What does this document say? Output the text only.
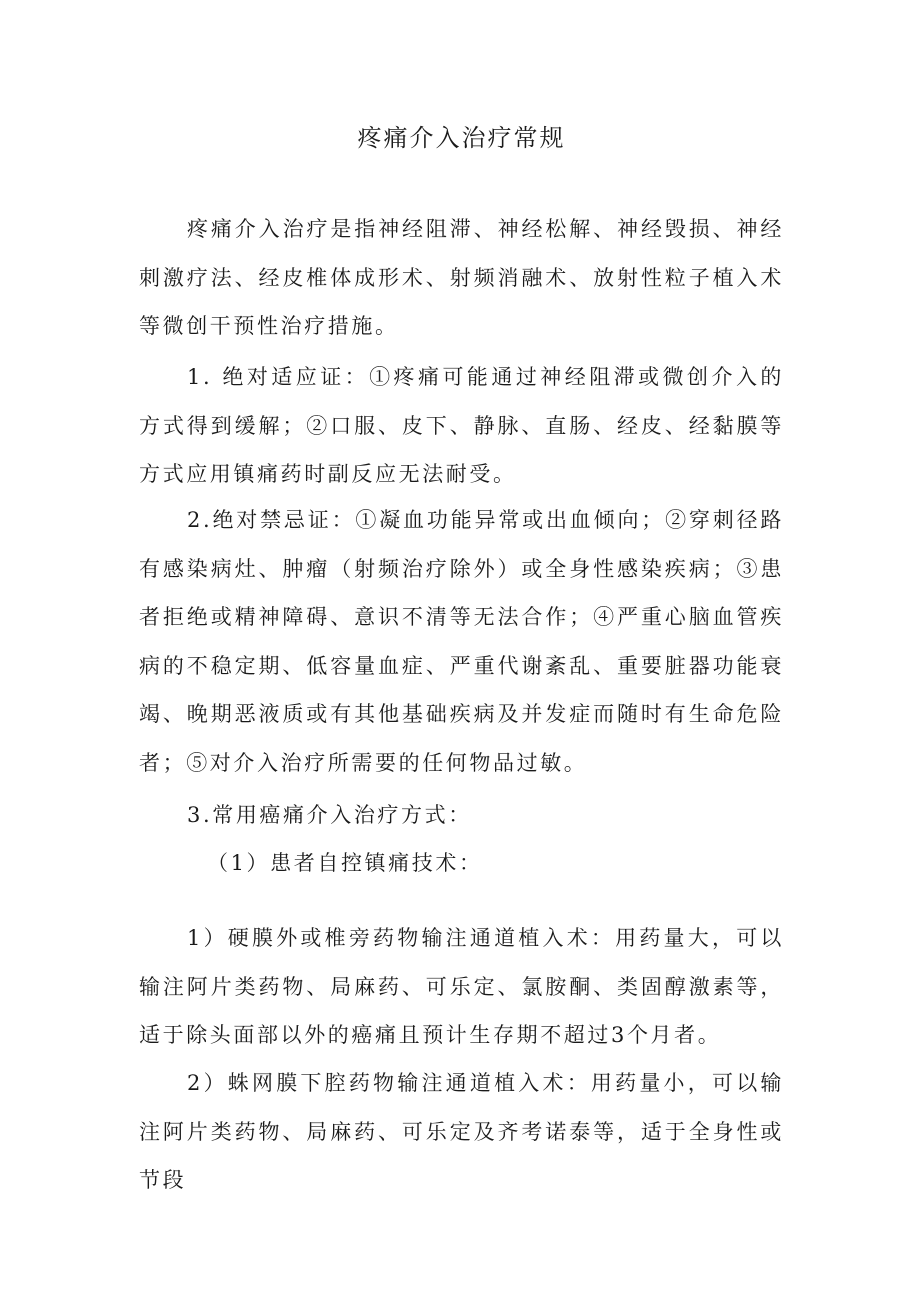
疼痛介入治疗常规

疼痛介入治疗是指神经阻滞、神经松解、神经毁损、神经刺激疗法、经皮椎体成形术、射频消融术、放射性粒子植入术等微创干预性治疗措施。

1. 绝对适应证：①疼痛可能通过神经阻滞或微创介入的方式得到缓解；②口服、皮下、静脉、直肠、经皮、经黏膜等方式应用镇痛药时副反应无法耐受。

2.绝对禁忌证：①凝血功能异常或出血倾向；②穿刺径路有感染病灶、肿瘤（射频治疗除外）或全身性感染疾病；③患者拒绝或精神障碍、意识不清等无法合作；④严重心脑血管疾病的不稳定期、低容量血症、严重代谢紊乱、重要脏器功能衰竭、晚期恶液质或有其他基础疾病及并发症而随时有生命危险者；⑤对介入治疗所需要的任何物品过敏。

3.常用癌痛介入治疗方式：

（1）患者自控镇痛技术：

1）硬膜外或椎旁药物输注通道植入术：用药量大，可以输注阿片类药物、局麻药、可乐定、氯胺酮、类固醇激素等，适于除头面部以外的癌痛且预计生存期不超过3个月者。

2）蛛网膜下腔药物输注通道植入术：用药量小，可以输注阿片类药物、局麻药、可乐定及齐考诺泰等，适于全身性或节段
